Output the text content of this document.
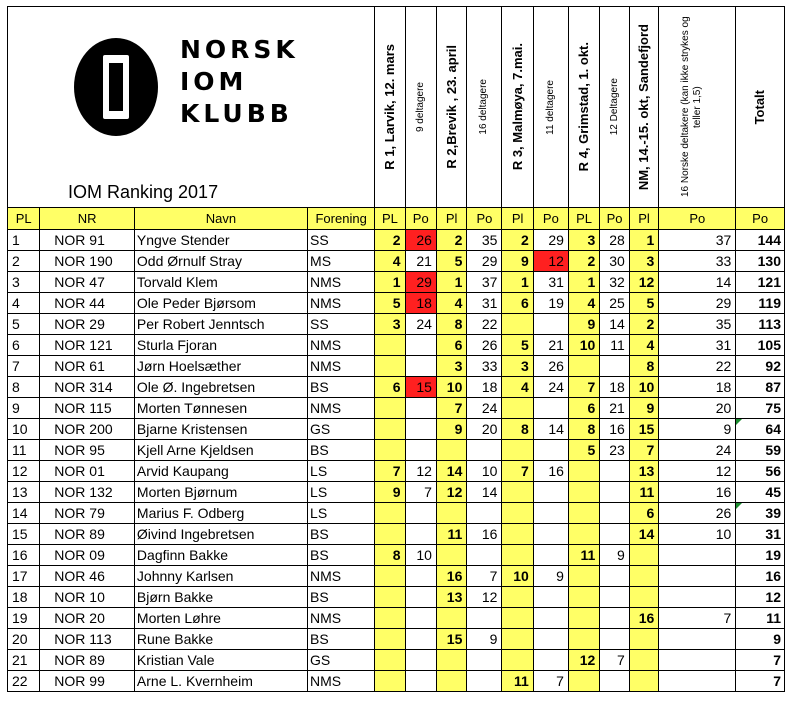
				R 1, Larvik, 12. mars	9 deltagere	R 2,Brevik , 23. april	16 deltagere	R 3, Malmøya, 7.mai.	11 deltagere	R 4, Grimstad, 1. okt.	12 Deltagere	NM, 14.-15. okt, Sandefjord	16 Norske deltakere (kan ikke strykes og teller 1,5)	Totalt

PL	NR	Navn	Forening	PL	Po	Pl	Po	Pl	Po	PL	Po	Pl	Po	Po
1	NOR 91	Yngve Stender	SS	2	26	2	35	2	29	3	28	1	37	144
2	NOR 190	Odd Ørnulf Stray	MS	4	21	5	29	9	12	2	30	3	33	130
3	NOR 47	Torvald Klem	NMS	1	29	1	37	1	31	1	32	12	14	121
4	NOR 44	Ole Peder Bjørsom	NMS	5	18	4	31	6	19	4	25	5	29	119
5	NOR 29	Per Robert Jenntsch	SS	3	24	8	22			9	14	2	35	113
6	NOR 121	Sturla Fjoran	NMS			6	26	5	21	10	11	4	31	105
7	NOR 61	Jørn Hoelsæther	NMS			3	33	3	26			8	22	92
8	NOR 314	Ole Ø. Ingebretsen	BS	6	15	10	18	4	24	7	18	10	18	87
9	NOR 115	Morten Tønnesen	NMS			7	24			6	21	9	20	75
10	NOR 200	Bjarne Kristensen	GS			9	20	8	14	8	16	15	9	64
11	NOR 95	Kjell Arne Kjeldsen	BS							5	23	7	24	59
12	NOR 01	Arvid Kaupang	LS	7	12	14	10	7	16			13	12	56
13	NOR 132	Morten Bjørnum	LS	9	7	12	14					11	16	45
14	NOR 79	Marius F. Odberg	LS									6	26	39
15	NOR 89	Øivind Ingebretsen	BS			11	16					14	10	31
16	NOR 09	Dagfinn Bakke	BS	8	10					11	9			19
17	NOR 46	Johnny Karlsen	NMS			16	7	10	9					16
18	NOR 10	Bjørn Bakke	BS			13	12							12
19	NOR 20	Morten Løhre	NMS									16	7	11
20	NOR 113	Rune Bakke	BS			15	9							9
21	NOR 89	Kristian Vale	GS							12	7			7
22	NOR 99	Arne L. Kvernheim	NMS					11	7					7
NORSK
IOM
KLUBB
IOM Ranking 2017
